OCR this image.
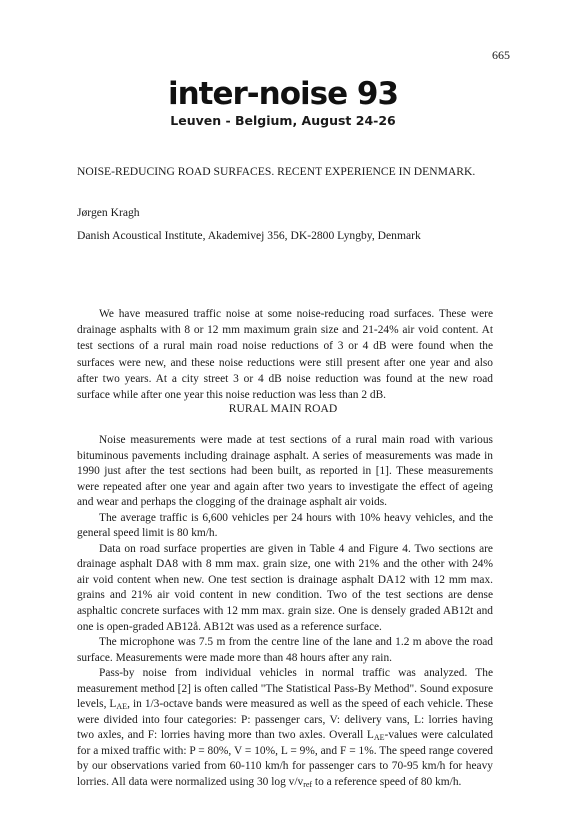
665
inter-noise 93
Leuven - Belgium, August 24-26
NOISE-REDUCING ROAD SURFACES. RECENT EXPERIENCE IN DENMARK.
Jørgen Kragh
Danish Acoustical Institute, Akademivej 356, DK-2800 Lyngby, Denmark

We have measured traffic noise at some noise-reducing road surfaces. These were drainage asphalts with 8 or 12 mm maximum grain size and 21-24% air void content. At test sections of a rural main road noise reductions of 3 or 4 dB were found when the surfaces were new, and these noise reductions were still present after one year and also after two years. At a city street 3 or 4 dB noise reduction was found at the new road surface while after one year this noise reduction was less than 2 dB.

RURAL MAIN ROAD

Noise measurements were made at test sections of a rural main road with various bituminous pavements including drainage asphalt. A series of measurements was made in 1990 just after the test sections had been built, as reported in [1]. These measurements were repeated after one year and again after two years to investigate the effect of ageing and wear and perhaps the clogging of the drainage asphalt air voids.

The average traffic is 6,600 vehicles per 24 hours with 10% heavy vehicles, and the general speed limit is 80 km/h.

Data on road surface properties are given in Table 4 and Figure 4. Two sections are drainage asphalt DA8 with 8 mm max. grain size, one with 21% and the other with 24% air void content when new. One test section is drainage asphalt DA12 with 12 mm max. grains and 21% air void content in new condition. Two of the test sections are dense asphaltic concrete surfaces with 12 mm max. grain size. One is densely graded AB12t and one is open-graded AB12å. AB12t was used as a reference surface.

The microphone was 7.5 m from the centre line of the lane and 1.2 m above the road surface. Measurements were made more than 48 hours after any rain.

Pass-by noise from individual vehicles in normal traffic was analyzed. The measurement method [2] is often called "The Statistical Pass-By Method". Sound exposure levels, $L_{AE}$, in 1/3-octave bands were measured as well as the speed of each vehicle. These were divided into four categories: P: passenger cars, V: delivery vans, L: lorries having two axles, and F: lorries having more than two axles. Overall $L_{AE}$-values were calculated for a mixed traffic with: P = 80%, V = 10%, L = 9%, and F = 1%. The speed range covered by our observations varied from 60-110 km/h for passenger cars to 70-95 km/h for heavy lorries. All data were normalized using 30 $\log v/v_{ref}$ to a reference speed of 80 km/h.
